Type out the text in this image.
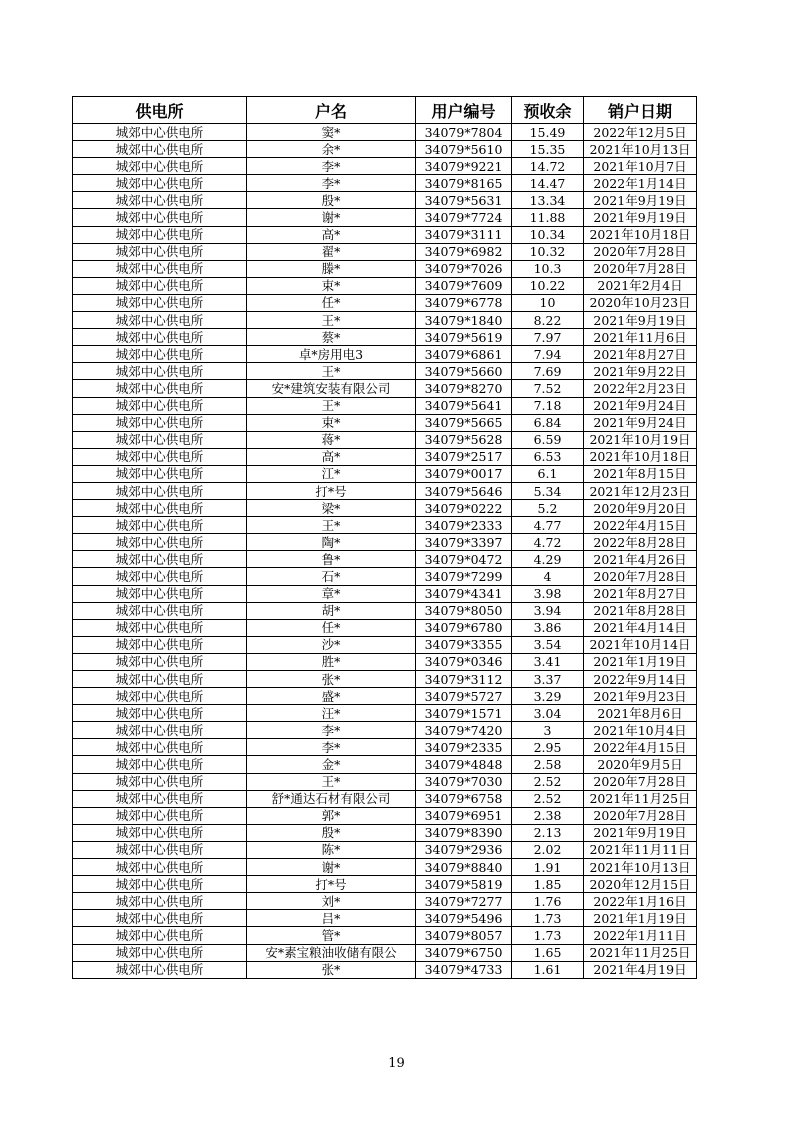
供电所	户名	用户编号	预收余	销户日期
城郊中心供电所	窦*	34079*7804	15.49	2022年12月5日
城郊中心供电所	余*	34079*5610	15.35	2021年10月13日
城郊中心供电所	李*	34079*9221	14.72	2021年10月7日
城郊中心供电所	李*	34079*8165	14.47	2022年1月14日
城郊中心供电所	殷*	34079*5631	13.34	2021年9月19日
城郊中心供电所	谢*	34079*7724	11.88	2021年9月19日
城郊中心供电所	高*	34079*3111	10.34	2021年10月18日
城郊中心供电所	翟*	34079*6982	10.32	2020年7月28日
城郊中心供电所	滕*	34079*7026	10.3	2020年7月28日
城郊中心供电所	束*	34079*7609	10.22	2021年2月4日
城郊中心供电所	任*	34079*6778	10	2020年10月23日
城郊中心供电所	王*	34079*1840	8.22	2021年9月19日
城郊中心供电所	蔡*	34079*5619	7.97	2021年11月6日
城郊中心供电所	卓*房用电3	34079*6861	7.94	2021年8月27日
城郊中心供电所	王*	34079*5660	7.69	2021年9月22日
城郊中心供电所	安*建筑安装有限公司	34079*8270	7.52	2022年2月23日
城郊中心供电所	王*	34079*5641	7.18	2021年9月24日
城郊中心供电所	束*	34079*5665	6.84	2021年9月24日
城郊中心供电所	蒋*	34079*5628	6.59	2021年10月19日
城郊中心供电所	高*	34079*2517	6.53	2021年10月18日
城郊中心供电所	江*	34079*0017	6.1	2021年8月15日
城郊中心供电所	打*号	34079*5646	5.34	2021年12月23日
城郊中心供电所	梁*	34079*0222	5.2	2020年9月20日
城郊中心供电所	王*	34079*2333	4.77	2022年4月15日
城郊中心供电所	陶*	34079*3397	4.72	2022年8月28日
城郊中心供电所	鲁*	34079*0472	4.29	2021年4月26日
城郊中心供电所	石*	34079*7299	4	2020年7月28日
城郊中心供电所	章*	34079*4341	3.98	2021年8月27日
城郊中心供电所	胡*	34079*8050	3.94	2021年8月28日
城郊中心供电所	任*	34079*6780	3.86	2021年4月14日
城郊中心供电所	沙*	34079*3355	3.54	2021年10月14日
城郊中心供电所	胜*	34079*0346	3.41	2021年1月19日
城郊中心供电所	张*	34079*3112	3.37	2022年9月14日
城郊中心供电所	盛*	34079*5727	3.29	2021年9月23日
城郊中心供电所	汪*	34079*1571	3.04	2021年8月6日
城郊中心供电所	李*	34079*7420	3	2021年10月4日
城郊中心供电所	李*	34079*2335	2.95	2022年4月15日
城郊中心供电所	金*	34079*4848	2.58	2020年9月5日
城郊中心供电所	王*	34079*7030	2.52	2020年7月28日
城郊中心供电所	舒*通达石材有限公司	34079*6758	2.52	2021年11月25日
城郊中心供电所	郭*	34079*6951	2.38	2020年7月28日
城郊中心供电所	殷*	34079*8390	2.13	2021年9月19日
城郊中心供电所	陈*	34079*2936	2.02	2021年11月11日
城郊中心供电所	谢*	34079*8840	1.91	2021年10月13日
城郊中心供电所	打*号	34079*5819	1.85	2020年12月15日
城郊中心供电所	刘*	34079*7277	1.76	2022年1月16日
城郊中心供电所	吕*	34079*5496	1.73	2021年1月19日
城郊中心供电所	管*	34079*8057	1.73	2022年1月11日
城郊中心供电所	安*素宝粮油收储有限公	34079*6750	1.65	2021年11月25日
城郊中心供电所	张*	34079*4733	1.61	2021年4月19日
19
